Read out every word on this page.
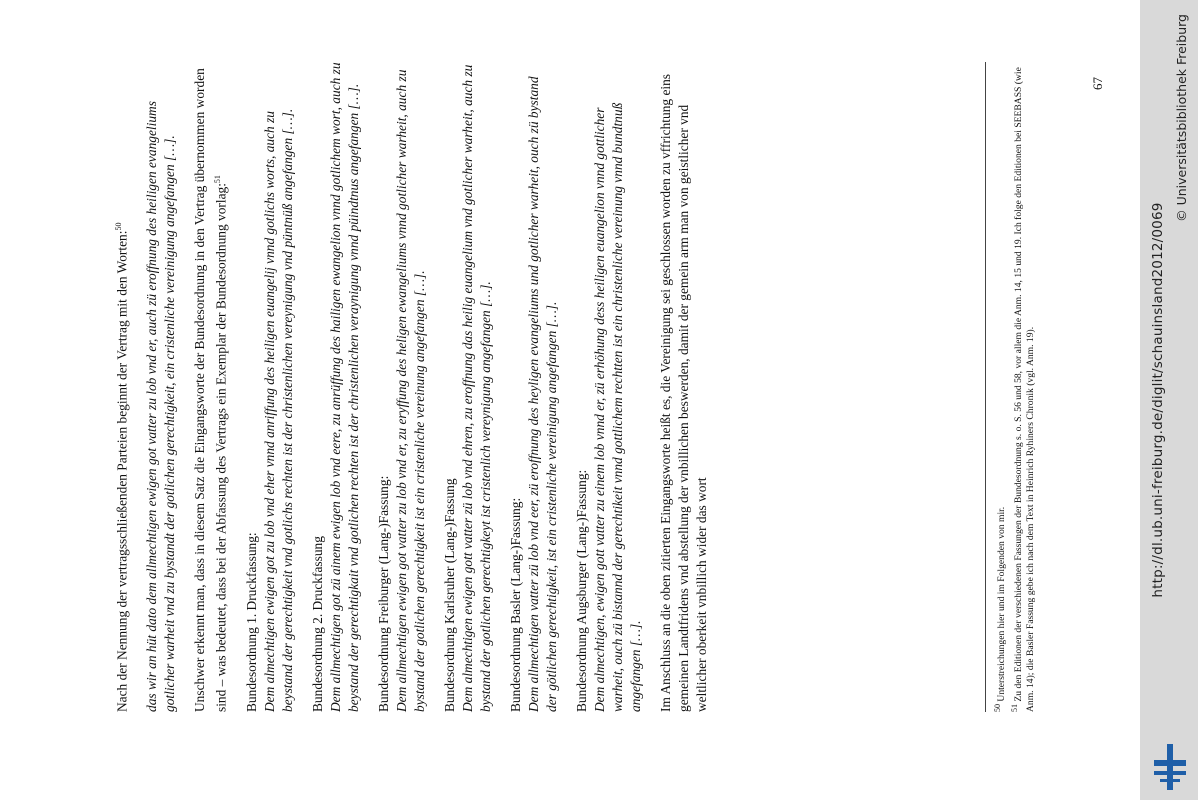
Nach der Nennung der vertragsschließenden Parteien beginnt der Vertrag mit den Worten:$^{50}$	das wir an hüt dato dem allmechtigen ewigen got vatter zu lob vnd er, auch zü eroffnung des heiligen evangeliums gotlicher warheit vnd zu bystandt der gotlichen gerechtigkeit, ein cristenliche vereinigung angefangen […]. Unschwer erkennt man, dass in diesem Satz die Eingangsworte der Bundesordnung in den Vertrag übernommen worden sind – was bedeutet, dass bei der Abfassung des Vertrags ein Exemplar der Bundesordnung vorlag:$^{51}$

Bundesordnung 1. Druckfassung: Dem almechtigen ewigen got zu lob vnd eher vnnd anriffung des heiligen euangelij vnnd gotlichs worts, auch zu beystand der gerechtigkeit vnd gotlichs rechten ist der christenlichen vereynigung vnd püntnüß angefangen […]. Bundesordnung 2. Druckfassung Dem allmechtigen got zü ainem ewigen lob vnd eere, zu anrüffung des hailigen ewangelion vnnd gotlichem wort, auch zu beystand der gerechtigkait vnd gotlichen rechten ist der christenlichen veraynigung vnnd püindtnus angefangen […]. Bundesordnung Freiburger (Lang-)Fassung: Dem allmechtigen ewigen got vatter zu lob vnd er, zu eryffung des heligen ewangeliums vnnd gotlicher warheit, auch zu bystand der gotlichen gerechtigkeit ist ein cristenliche vereinung angefangen […]. Bundesordnung Karlsruher (Lang-)Fassung Dem almechtigen ewigen gott vatter zü lob vnd ehren, zu eroffnung das heilig euangelium vnd gotlicher warheit, auch zu bystand der gotlichen gerechtigkeyt ist cristenlich vereynigung angefangen […]. Bundesordnung Basler (Lang-)Fassung: Dem allmechtigen vatter zü lob vnd eer, zü eroffnung des heyligen evangeliums und gotlicher warheit, ouch zü bystand der götlichen gerechtigkeit, ist ein cristenliche vereinigung angefangen […]. Bundesordnung Augsburger (Lang-)Fassung: Dem almechtigen, ewigen gott vatter zu einem lob vnnd er, zü erhöhung dess heiligen euangelion vnnd gottlicher warheit, ouch zü bistannd der gerechtikeit vnnd gottlichem rechtten ist ein christenliche vereinung vnnd bundtnuß angefangen […]. Im Anschluss an die oben zitierten Eingangsworte heißt es, die Vereinigung sei geschlossen worden zu vffrichtung eins gemeinen Landtfridens vnd abstellung der vnbillichen beswerden, damit der gemein arm man von geistlicher vnd weltlicher oberkeit vnbillich wider das wort	$^{50}$ Unterstreichungen hier und im Folgenden von mir.

$^{51}$ Zu den Editionen der verschiedenen Fassungen der Bundesordnung s. o. S. 56 und 58, vor allem die Anm. 14, 15 und 19. Ich folge den Editionen bei SEEBASS (wie Anm. 14); die Basler Fassung gebe ich nach dem Text in Heinrich Ryhiners Chronik (vgl. Anm. 19).

67
http://dl.ub.uni-freiburg.de/diglit/schauinsland2012/0069
© Universitätsbibliothek Freiburg
